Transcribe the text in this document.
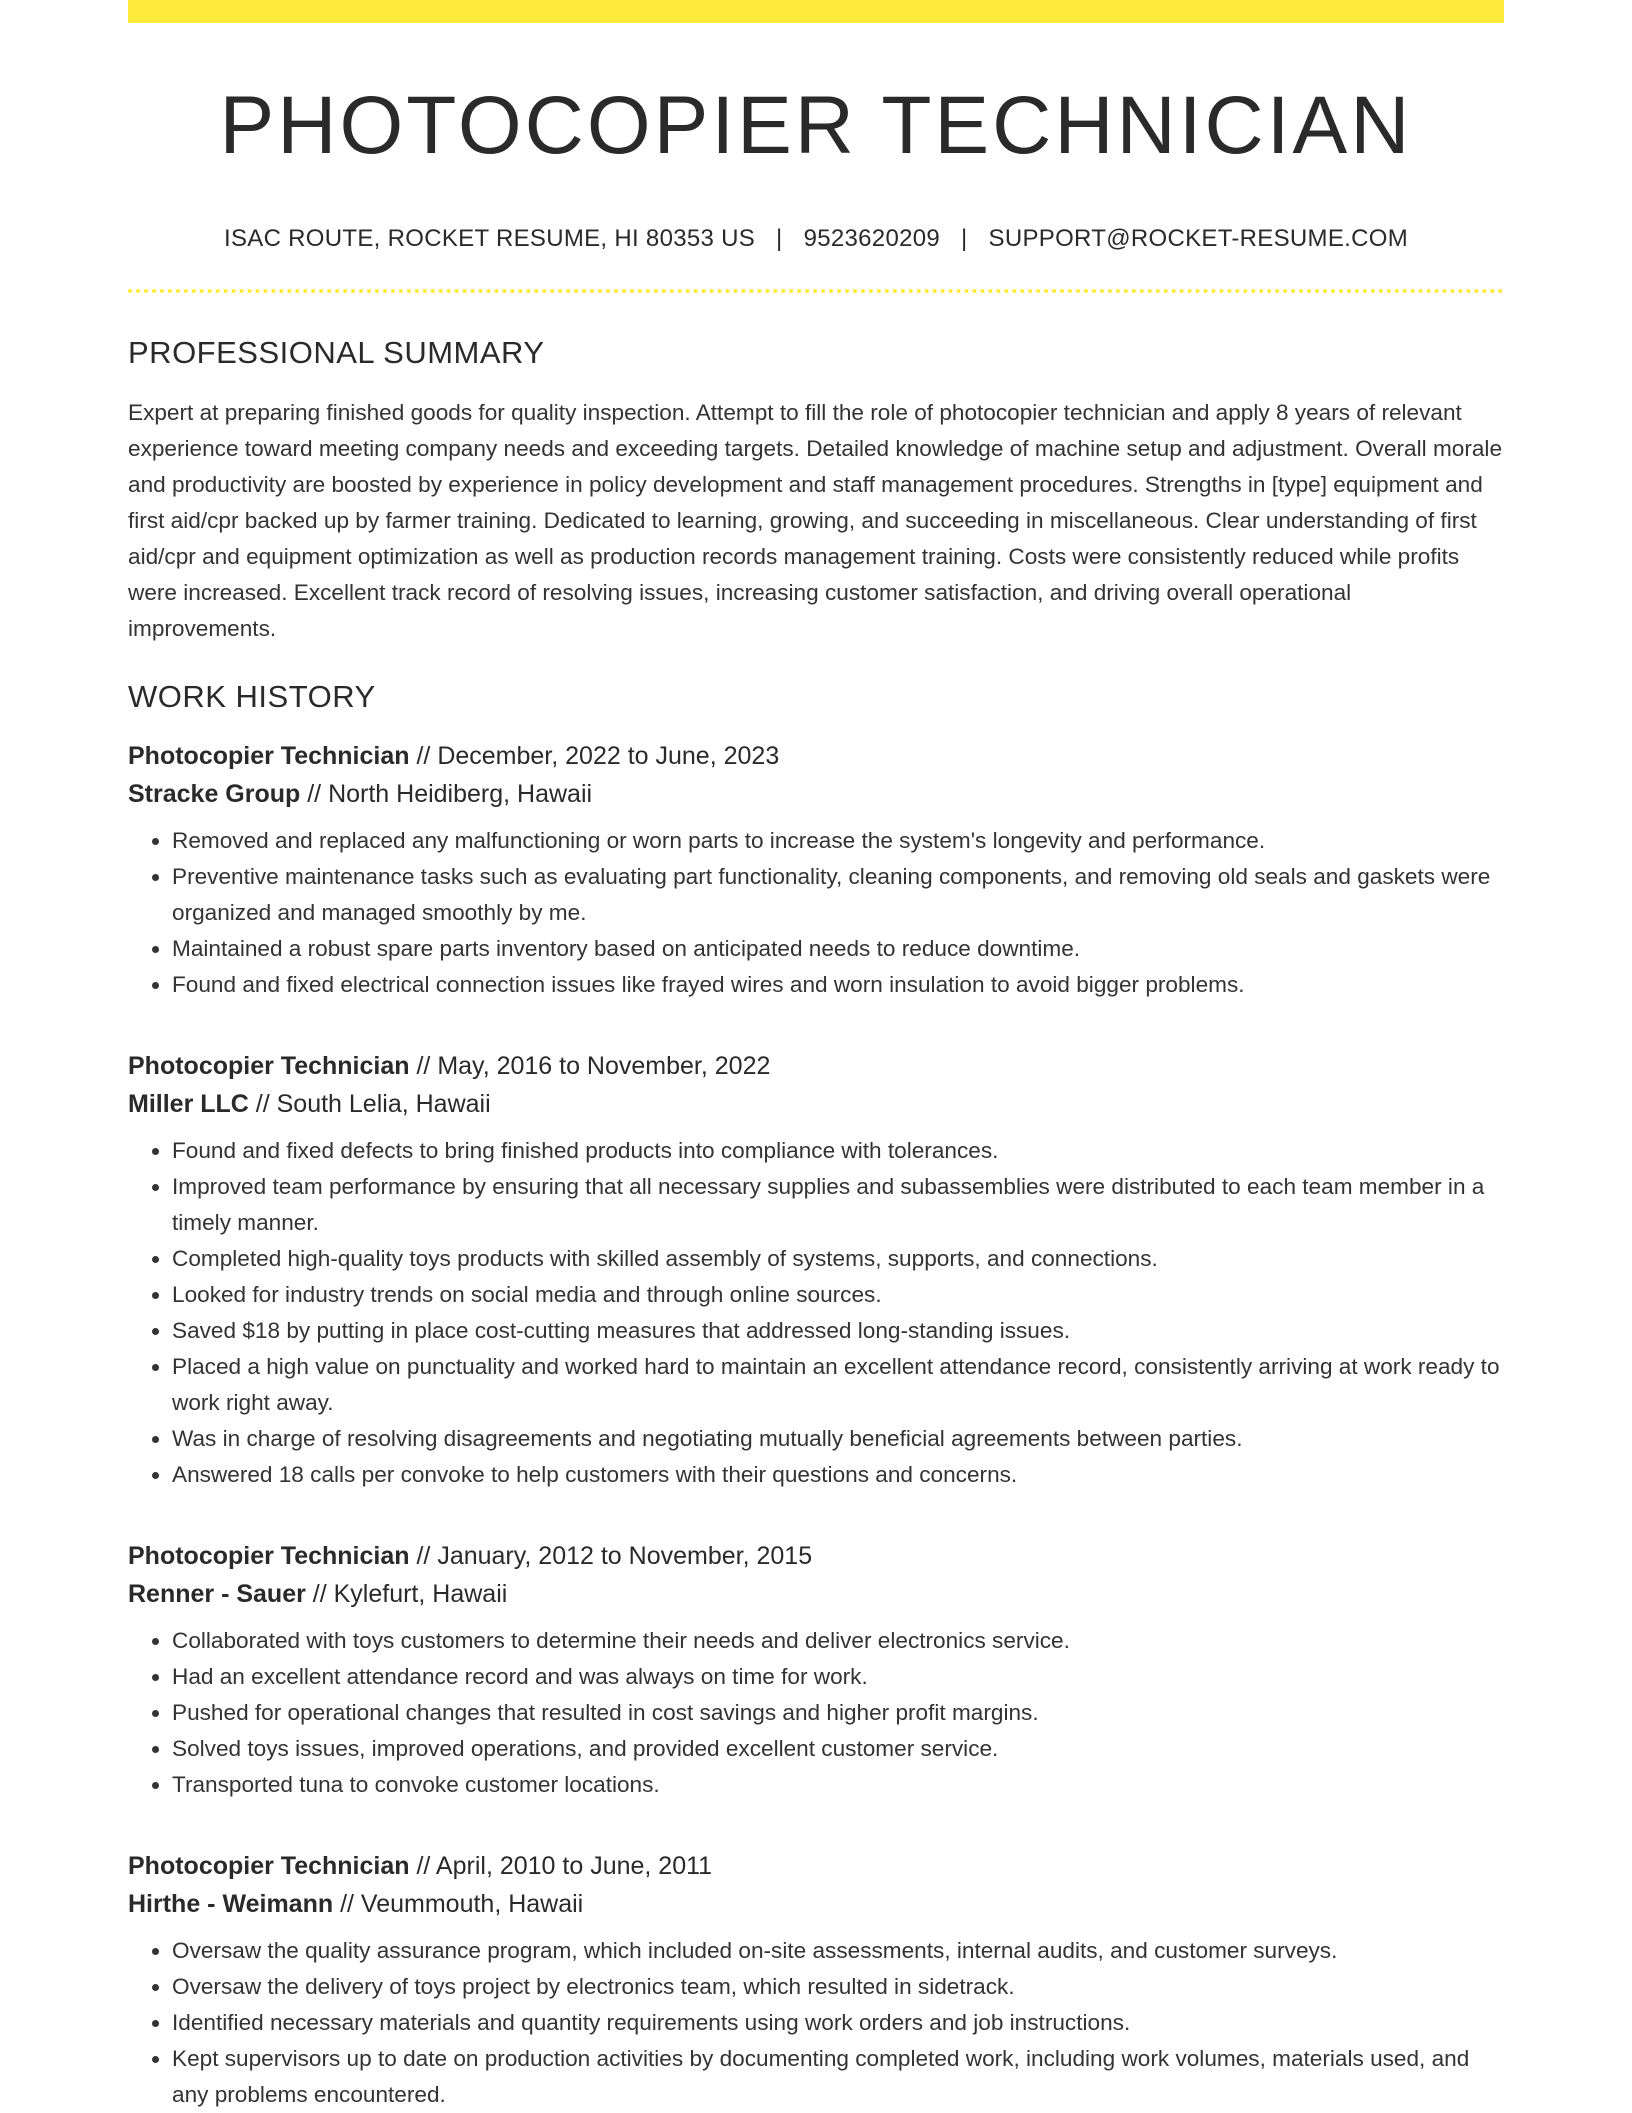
PHOTOCOPIER TECHNICIAN
ISAC ROUTE, ROCKET RESUME, HI 80353 US | 9523620209 | SUPPORT@ROCKET-RESUME.COM
PROFESSIONAL SUMMARY

Expert at preparing finished goods for quality inspection. Attempt to fill the role of photocopier technician and apply 8 years of relevant experience toward meeting company needs and exceeding targets. Detailed knowledge of machine setup and adjustment. Overall morale and productivity are boosted by experience in policy development and staff management procedures. Strengths in [type] equipment and first aid/cpr backed up by farmer training. Dedicated to learning, growing, and succeeding in miscellaneous. Clear understanding of first aid/cpr and equipment optimization as well as production records management training. Costs were consistently reduced while profits were increased. Excellent track record of resolving issues, increasing customer satisfaction, and driving overall operational improvements.

WORK HISTORY
Photocopier Technician // December, 2022 to June, 2023
Stracke Group // North Heidiberg, Hawaii
• Removed and replaced any malfunctioning or worn parts to increase the system's longevity and performance.
• Preventive maintenance tasks such as evaluating part functionality, cleaning components, and removing old seals and gaskets were organized and managed smoothly by me.
• Maintained a robust spare parts inventory based on anticipated needs to reduce downtime.
• Found and fixed electrical connection issues like frayed wires and worn insulation to avoid bigger problems.
Photocopier Technician // May, 2016 to November, 2022
Miller LLC // South Lelia, Hawaii
• Found and fixed defects to bring finished products into compliance with tolerances.
• Improved team performance by ensuring that all necessary supplies and subassemblies were distributed to each team member in a timely manner.
• Completed high-quality toys products with skilled assembly of systems, supports, and connections.
• Looked for industry trends on social media and through online sources.
• Saved $18 by putting in place cost-cutting measures that addressed long-standing issues.
• Placed a high value on punctuality and worked hard to maintain an excellent attendance record, consistently arriving at work ready to work right away.
• Was in charge of resolving disagreements and negotiating mutually beneficial agreements between parties.
• Answered 18 calls per convoke to help customers with their questions and concerns.
Photocopier Technician // January, 2012 to November, 2015
Renner - Sauer // Kylefurt, Hawaii
• Collaborated with toys customers to determine their needs and deliver electronics service.
• Had an excellent attendance record and was always on time for work.
• Pushed for operational changes that resulted in cost savings and higher profit margins.
• Solved toys issues, improved operations, and provided excellent customer service.
• Transported tuna to convoke customer locations.
Photocopier Technician // April, 2010 to June, 2011
Hirthe - Weimann // Veummouth, Hawaii
• Oversaw the quality assurance program, which included on-site assessments, internal audits, and customer surveys.
• Oversaw the delivery of toys project by electronics team, which resulted in sidetrack.
• Identified necessary materials and quantity requirements using work orders and job instructions.
• Kept supervisors up to date on production activities by documenting completed work, including work volumes, materials used, and any problems encountered.
